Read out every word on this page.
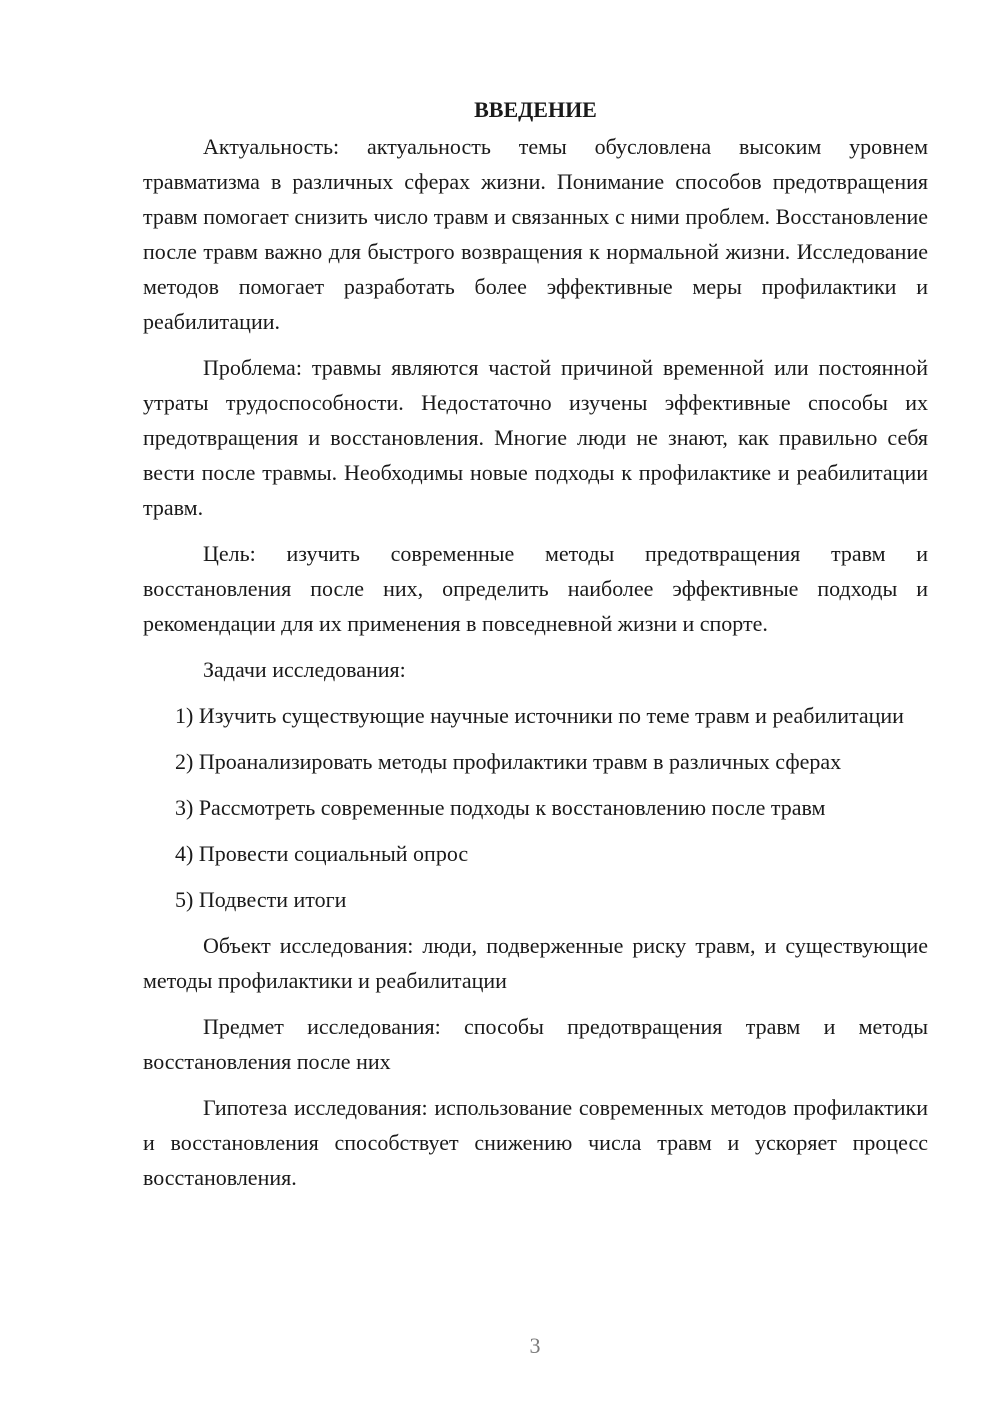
ВВЕДЕНИЕ

Актуальность: актуальность темы обусловлена высоким уровнем травматизма в различных сферах жизни. Понимание способов предотвращения травм помогает снизить число травм и связанных с ними проблем. Восстановление после травм важно для быстрого возвращения к нормальной жизни. Исследование методов помогает разработать более эффективные меры профилактики и реабилитации.

Проблема: травмы являются частой причиной временной или постоянной утраты трудоспособности. Недостаточно изучены эффективные способы их предотвращения и восстановления. Многие люди не знают, как правильно себя вести после травмы. Необходимы новые подходы к профилактике и реабилитации травм.

Цель: изучить современные методы предотвращения травм и восстановления после них, определить наиболее эффективные подходы и рекомендации для их применения в повседневной жизни и спорте.

Задачи исследования:

1) Изучить существующие научные источники по теме травм и реабилитации

2) Проанализировать методы профилактики травм в различных сферах

3) Рассмотреть современные подходы к восстановлению после травм

4) Провести социальный опрос

5) Подвести итоги

Объект исследования: люди, подверженные риску травм, и существующие методы профилактики и реабилитации

Предмет исследования: способы предотвращения травм и методы восстановления после них

Гипотеза исследования: использование современных методов профилактики и восстановления способствует снижению числа травм и ускоряет процесс восстановления.

3
